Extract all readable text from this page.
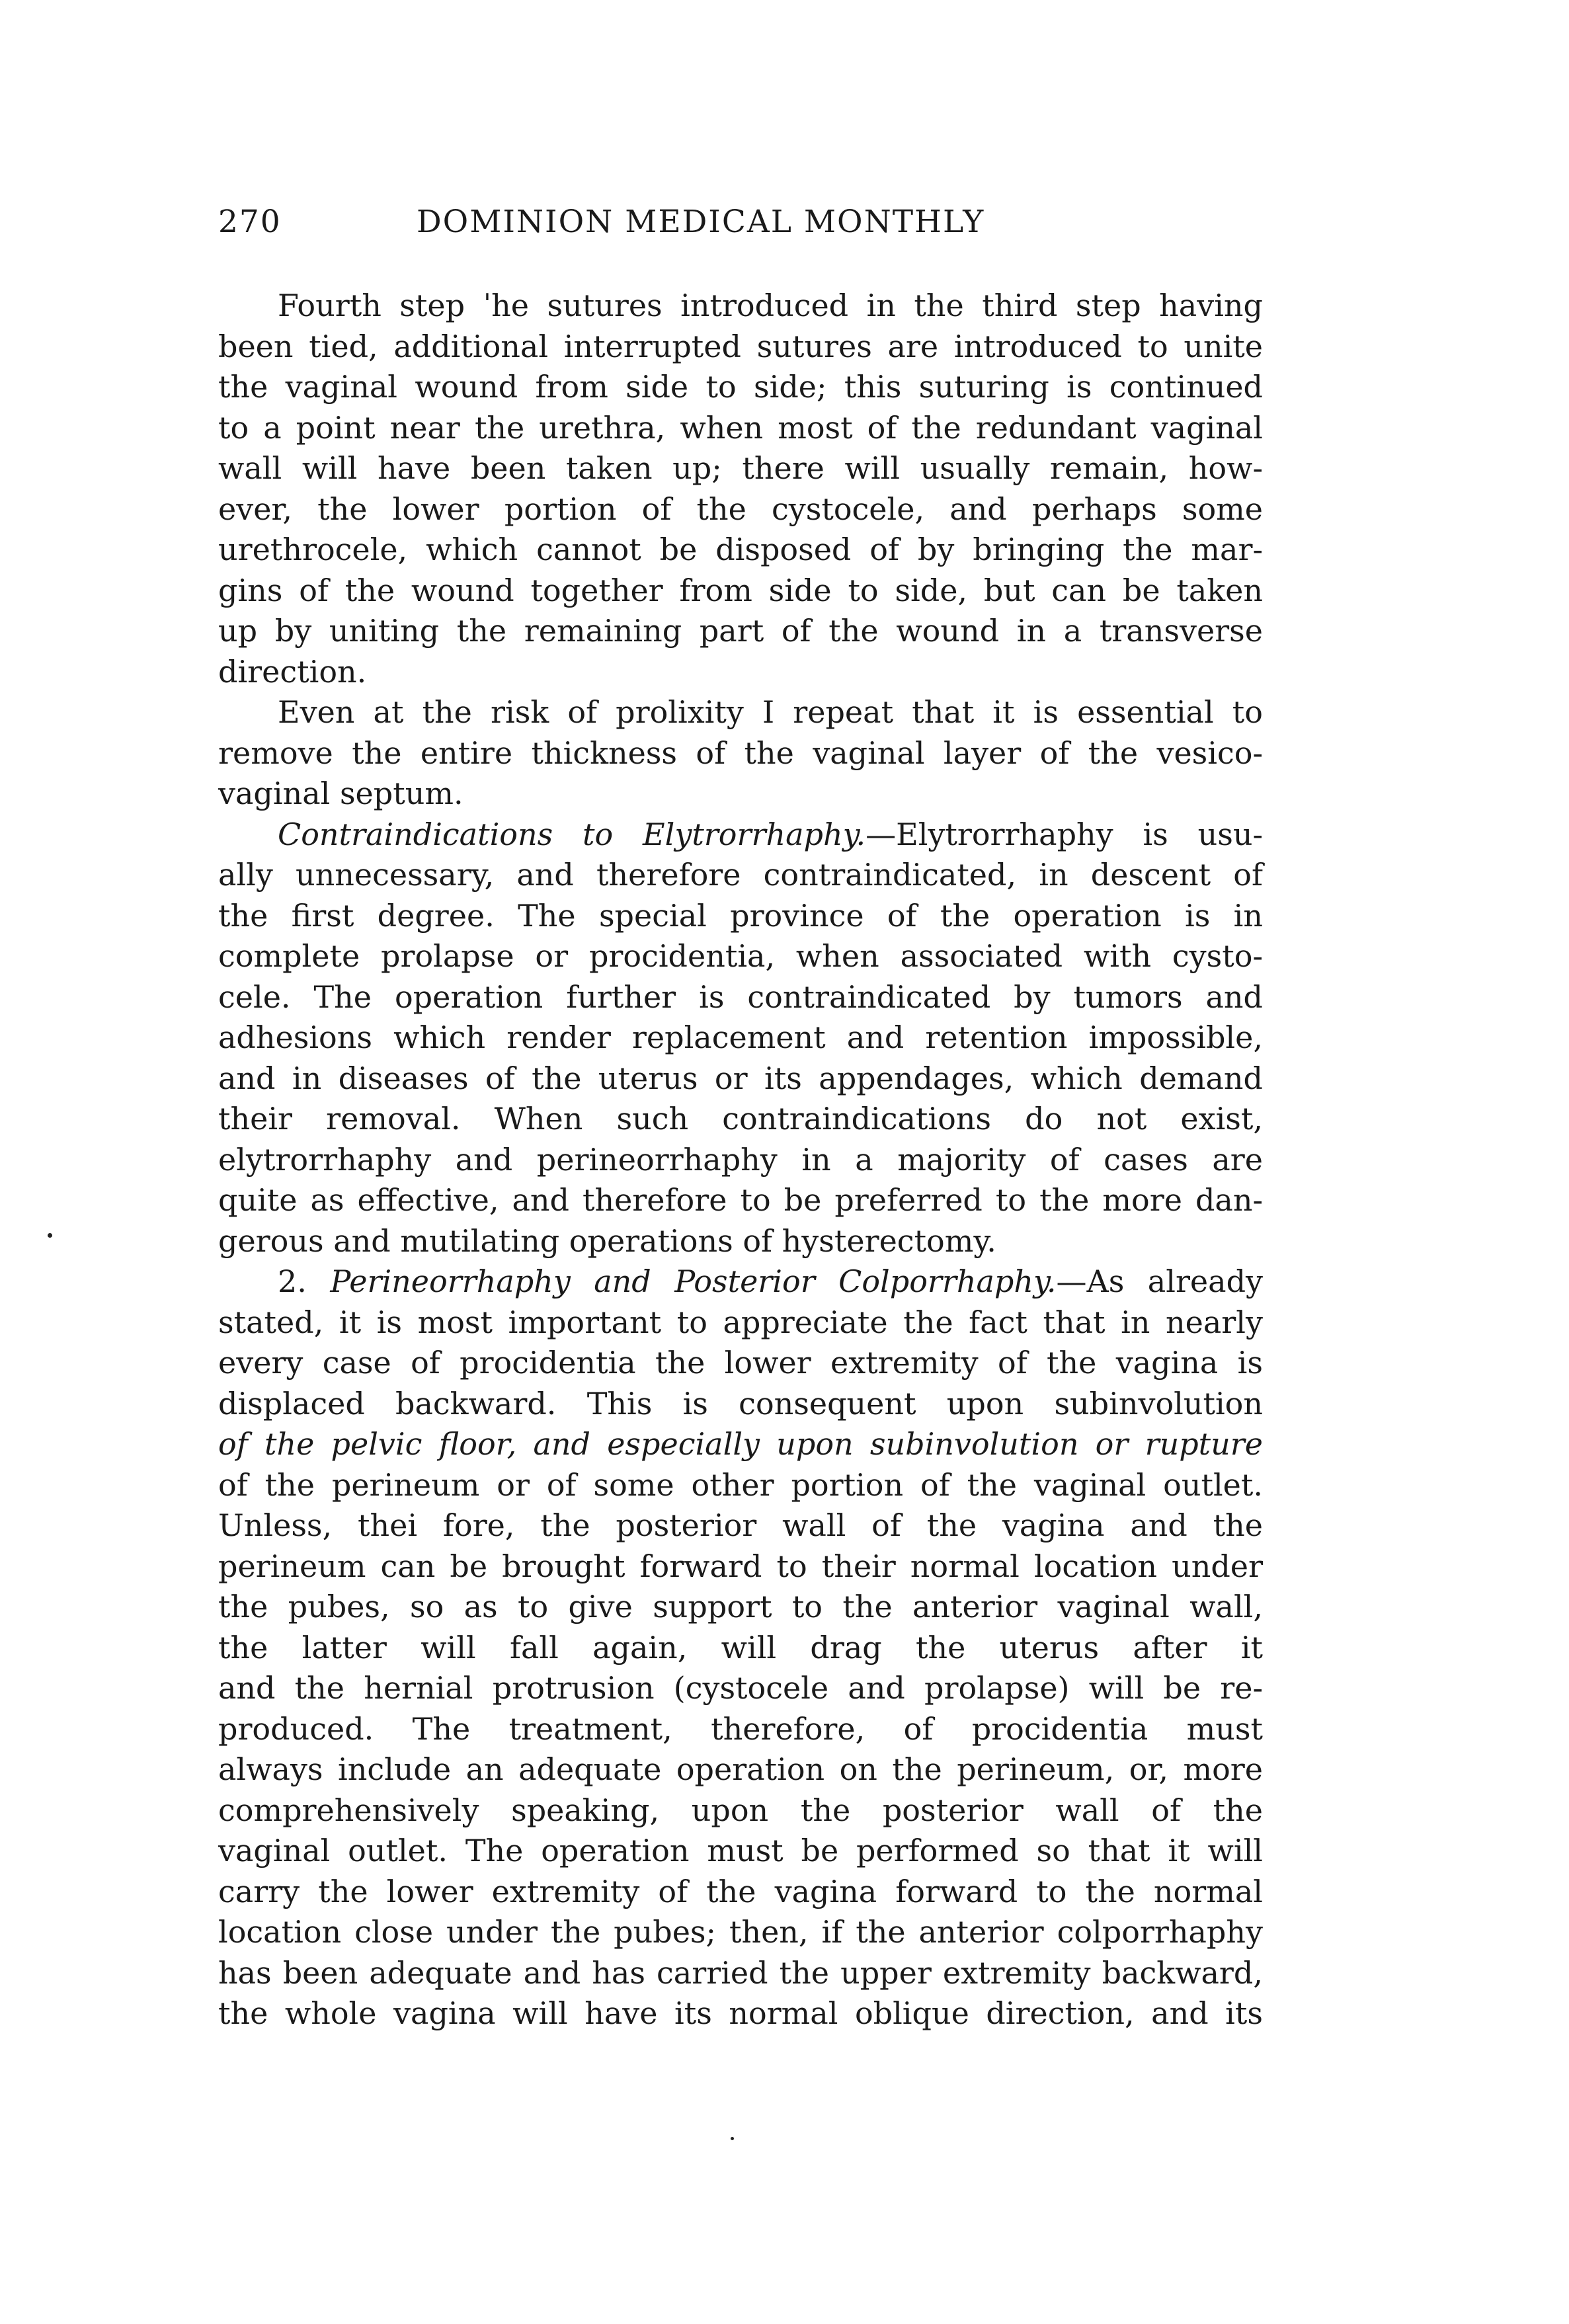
270	DOMINION MEDICAL MONTHLY
Fourth step ˈhe sutures introduced in the third step having
been tied, additional interrupted sutures are introduced to unite
the vaginal wound from side to side; this suturing is continued
to a point near the urethra, when most of the redundant vaginal
wall will have been taken up; there will usually remain, how-
ever, the lower portion of the cystocele, and perhaps some
urethrocele, which cannot be disposed of by bringing the mar-
gins of the wound together from side to side, but can be taken
up by uniting the remaining part of the wound in a transverse
direction.
Even at the risk of prolixity I repeat that it is essential to
remove the entire thickness of the vaginal layer of the vesico-
vaginal septum.
Contraindications to Elytrorrhaphy.—Elytrorrhaphy is usu-
ally unnecessary, and therefore contraindicated, in descent of
the first degree. The special province of the operation is in
complete prolapse or procidentia, when associated with cysto-
cele. The operation further is contraindicated by tumors and
adhesions which render replacement and retention impossible,
and in diseases of the uterus or its appendages, which demand
their removal. When such contraindications do not exist,
elytrorrhaphy and perineorrhaphy in a majority of cases are
quite as effective, and therefore to be preferred to the more dan-
gerous and mutilating operations of hysterectomy.
2. Perineorrhaphy and Posterior Colporrhaphy.—As already
stated, it is most important to appreciate the fact that in nearly
every case of procidentia the lower extremity of the vagina is
displaced backward. This is consequent upon subinvolution
of the pelvic floor, and especially upon subinvolution or rupture
of the perineum or of some other portion of the vaginal outlet.
Unless, thei fore, the posterior wall of the vagina and the
perineum can be brought forward to their normal location under
the pubes, so as to give support to the anterior vaginal wall,
the latter will fall again, will drag the uterus after it
and the hernial protrusion (cystocele and prolapse) will be re-
produced. The treatment, therefore, of procidentia must
always include an adequate operation on the perineum, or, more
comprehensively speaking, upon the posterior wall of the
vaginal outlet. The operation must be performed so that it will
carry the lower extremity of the vagina forward to the normal
location close under the pubes; then, if the anterior colporrhaphy
has been adequate and has carried the upper extremity backward,
the whole vagina will have its normal oblique direction, and its
